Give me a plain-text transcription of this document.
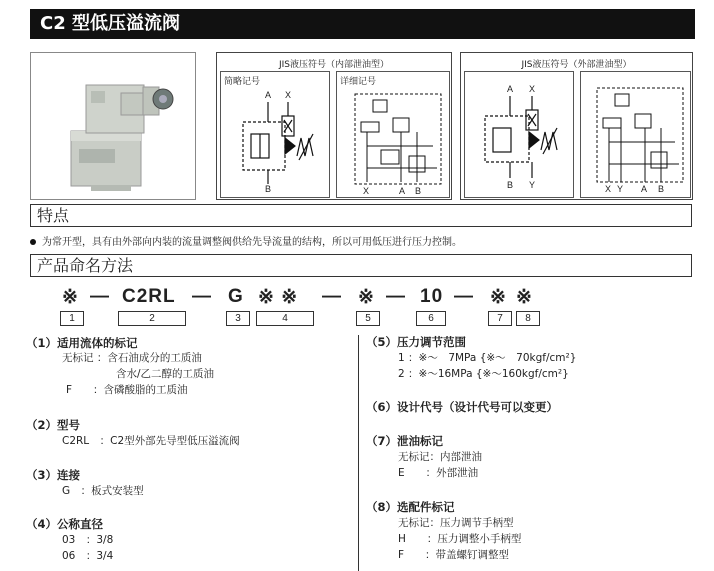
C2 型低压溢流阀
JIS液压符号（内部泄油型）
简略记号
A X
B
详细记号
X	A B
JIS液压符号（外部泄油型）
A X
B Y	X Y A B
特点
为常开型，具有由外部向内装的流量调整阀供给先导流量的结构，所以可用低压进行压力控制。
产品命名方法
※ — C2RL — G ※ ※ — ※ — 10 — ※ ※
1	2	3	4	5	6	7	8
（1）适用流体的标记
无标记 ：含石油成分的工质油
含水/乙二醇的工质油
F　　：含磷酸脂的工质油
（2）型号
C2RL　：C2型外部先导型低压溢流阀
（3）连接
G　：板式安装型
（4）公称直径
03　：3/8
06　：3/4
（5）压力调节范围
1 ：※～　7MPa {※～　70kgf/cm²}
2 ：※～16MPa {※～160kgf/cm²}
（6）设计代号（设计代号可以变更）
（7）泄油标记
无标记：内部泄油
E　　：外部泄油
（8）选配件标记
无标记：压力调节手柄型
H　　：压力调整小手柄型
F　　：带盖螺钉调整型
